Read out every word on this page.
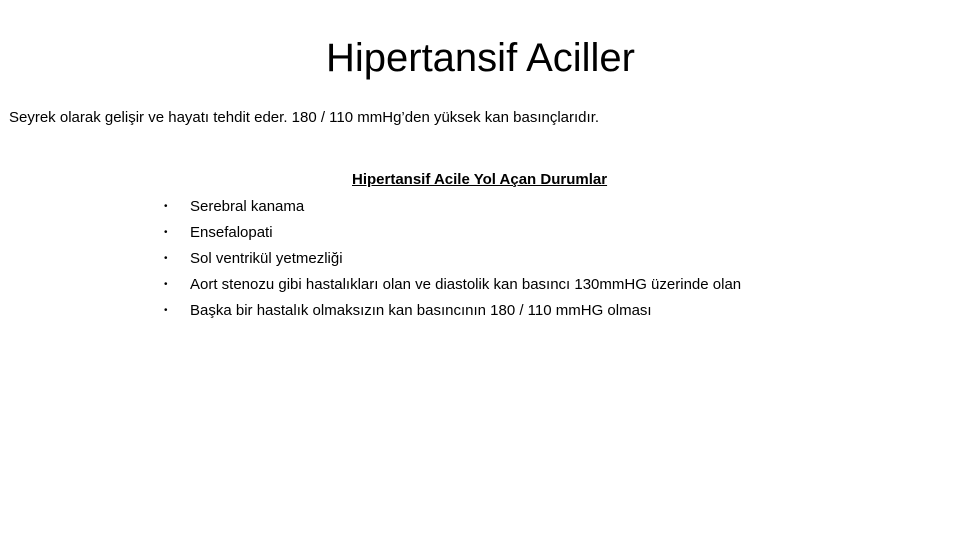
Hipertansif Aciller

Seyrek olarak gelişir ve hayatı tehdit eder. 180 / 110 mmHg’den yüksek kan basınçlarıdır.

Hipertansif Acile Yol Açan Durumlar
•	Serebral kanama
•	Ensefalopati
•	Sol ventrikül yetmezliği
•	Aort stenozu gibi hastalıkları olan ve diastolik kan basıncı 130mmHG üzerinde olan
•	Başka bir hastalık olmaksızın kan basıncının 180 / 110 mmHG olması
